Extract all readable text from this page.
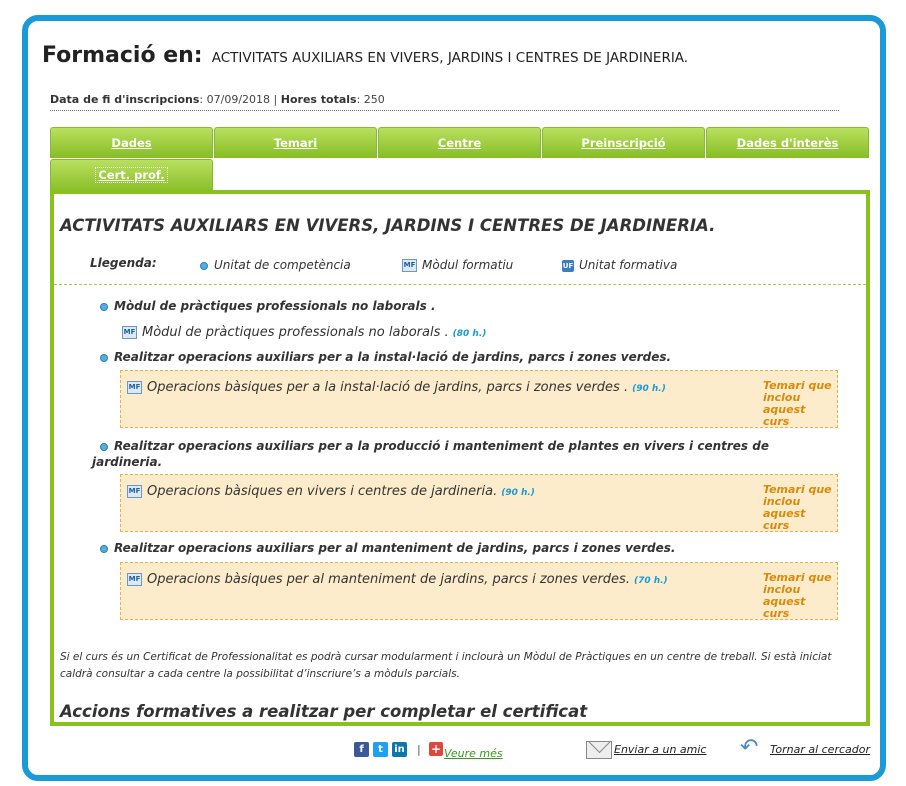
Formació en: ACTIVITATS AUXILIARS EN VIVERS, JARDINS I CENTRES DE JARDINERIA.
Data de fi d'inscripcions: 07/09/2018 | Hores totals: 250
Dades	Temari	Centre	Preinscripció	Dades d'interès
Cert. prof.
ACTIVITATS AUXILIARS EN VIVERS, JARDINS I CENTRES DE JARDINERIA.
Llegenda:	Unitat de competència	MF Mòdul formatiu	UF Unitat formativa
Mòdul de pràctiques professionals no laborals .
MF Mòdul de pràctiques professionals no laborals . (80 h.)
Realitzar operacions auxiliars per a la instal·lació de jardins, parcs i zones verdes.
MF Operacions bàsiques per a la instal·lació de jardins, parcs i zones verdes . (90 h.)	Temari que inclou aquest curs
Realitzar operacions auxiliars per a la producció i manteniment de plantes en vivers i centres de jardineria.
MF Operacions bàsiques en vivers i centres de jardineria. (90 h.)	Temari que inclou aquest curs
Realitzar operacions auxiliars per al manteniment de jardins, parcs i zones verdes.
MF Operacions bàsiques per al manteniment de jardins, parcs i zones verdes. (70 h.)	Temari que inclou aquest curs
Si el curs és un Certificat de Professionalitat es podrà cursar modularment i inclourà un Mòdul de Pràctiques en un centre de treball. Si està iniciat caldrà consultar a cada centre la possibilitat d’inscriure’s a mòduls parcials.
Accions formatives a realitzar per completar el certificat
f	t	in | + Veure més	Enviar a un amic ↶ Tornar al cercador
